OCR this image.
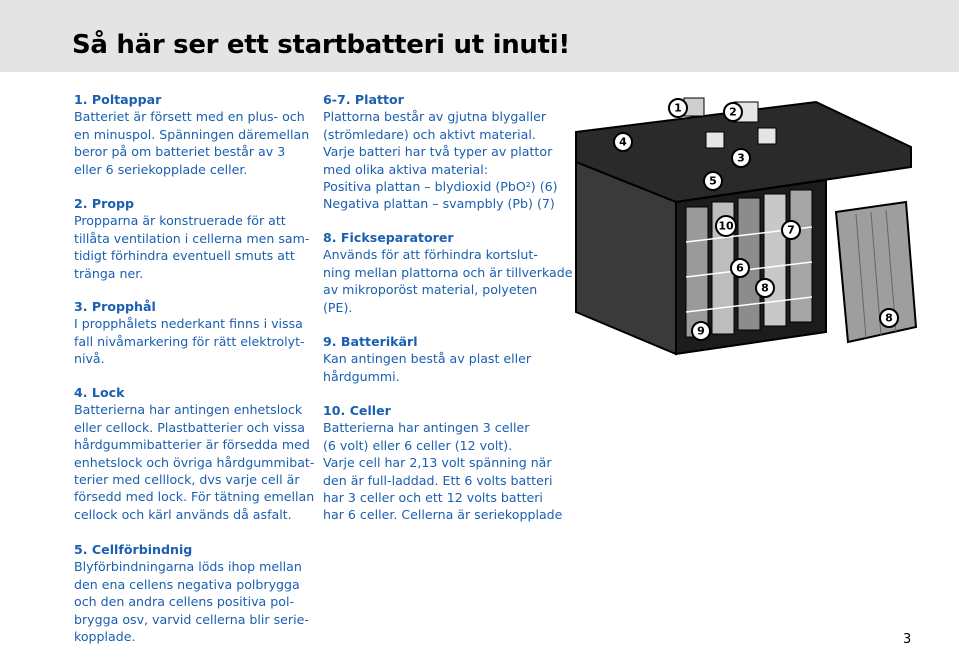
Så här ser ett startbatteri ut inuti!
1. Poltappar
Batteriet är försett med en plus- och
en minuspol. Spänningen däremellan
beror på om batteriet består av 3
eller 6 seriekopplade celler.
2. Propp
Propparna är konstruerade för att
tillåta ventilation i cellerna men sam-
tidigt förhindra eventuell smuts att
tränga ner.
3. Propphål
I propphålets nederkant finns i vissa
fall nivåmarkering för rätt elektrolyt-
nivå.
4. Lock
Batterierna har antingen enhetslock
eller cellock. Plastbatterier och vissa
hårdgummibatterier är försedda med
enhetslock och övriga hårdgummibat-
terier med celllock, dvs varje cell är
försedd med lock. För tätning emellan
cellock och kärl används då asfalt.
5. Cellförbindnig
Blyförbindningarna löds ihop mellan
den ena cellens negativa polbrygga
och den andra cellens positiva pol-
brygga osv, varvid cellerna blir serie-
kopplade.
6-7. Plattor
Plattorna består av gjutna blygaller
(strömledare) och aktivt material.
Varje batteri har två typer av plattor
med olika aktiva material:
Positiva plattan – blydioxid (PbO²) (6)
Negativa plattan – svampbly (Pb) (7)
8. Fickseparatorer
Används för att förhindra kortslut-
ning mellan plattorna och är tillverkade
av mikroporöst material, polyeten
(PE).
9. Batterikärl
Kan antingen bestå av plast eller
hårdgummi.
10. Celler
Batterierna har antingen 3 celler
(6 volt) eller 6 celler (12 volt).
Varje cell har 2,13 volt spänning när
den är full-laddad. Ett 6 volts batteri
har 3 celler och ett 12 volts batteri
har 6 celler. Cellerna är seriekopplade
1	2
3
4
5
6
7
8
8
9
10
3
